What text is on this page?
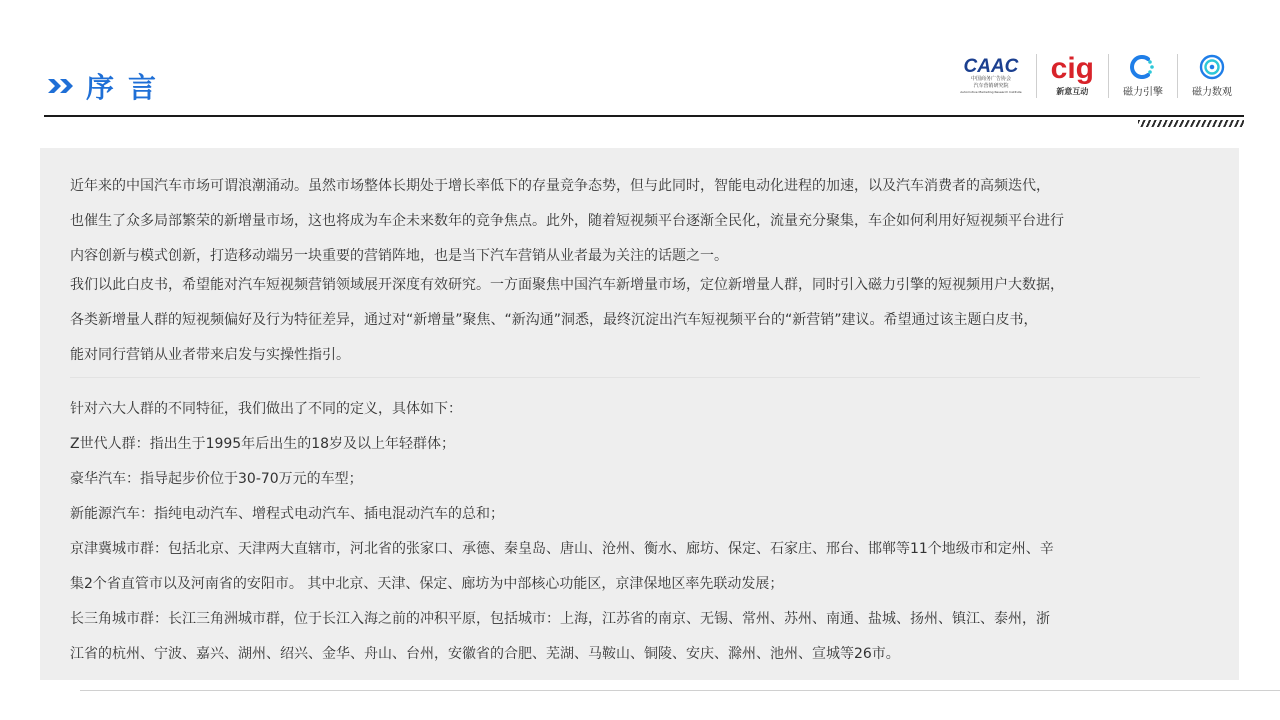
序言
CAAC
中国商务广告协会
汽车营销研究院
Automotive Marketing Research Institute
cig
新意互动	磁力引擎	磁力数观
近年来的中国汽车市场可谓浪潮涌动。虽然市场整体长期处于增长率低下的存量竞争态势，但与此同时，智能电动化进程的加速，以及汽车消费者的高频迭代，
也催生了众多局部繁荣的新增量市场，这也将成为车企未来数年的竞争焦点。此外，随着短视频平台逐渐全民化，流量充分聚集，车企如何利用好短视频平台进行
内容创新与模式创新，打造移动端另一块重要的营销阵地，也是当下汽车营销从业者最为关注的话题之一。
我们以此白皮书，希望能对汽车短视频营销领域展开深度有效研究。一方面聚焦中国汽车新增量市场，定位新增量人群，同时引入磁力引擎的短视频用户大数据，
各类新增量人群的短视频偏好及行为特征差异，通过对“新增量”聚焦、“新沟通”洞悉，最终沉淀出汽车短视频平台的“新营销”建议。希望通过该主题白皮书，
能对同行营销从业者带来启发与实操性指引。
针对六大人群的不同特征，我们做出了不同的定义，具体如下：
Z世代人群：指出生于1995年后出生的18岁及以上年轻群体；
豪华汽车：指导起步价位于30-70万元的车型；
新能源汽车：指纯电动汽车、增程式电动汽车、插电混动汽车的总和；
京津冀城市群：包括北京、天津两大直辖市，河北省的张家口、承德、秦皇岛、唐山、沧州、衡水、廊坊、保定、石家庄、邢台、邯郸等11个地级市和定州、辛
集2个省直管市以及河南省的安阳市。 其中北京、天津、保定、廊坊为中部核心功能区，京津保地区率先联动发展；
长三角城市群：长江三角洲城市群，位于长江入海之前的冲积平原，包括城市：上海，江苏省的南京、无锡、常州、苏州、南通、盐城、扬州、镇江、泰州，浙
江省的杭州、宁波、嘉兴、湖州、绍兴、金华、舟山、台州，安徽省的合肥、芜湖、马鞍山、铜陵、安庆、滁州、池州、宣城等26市。
